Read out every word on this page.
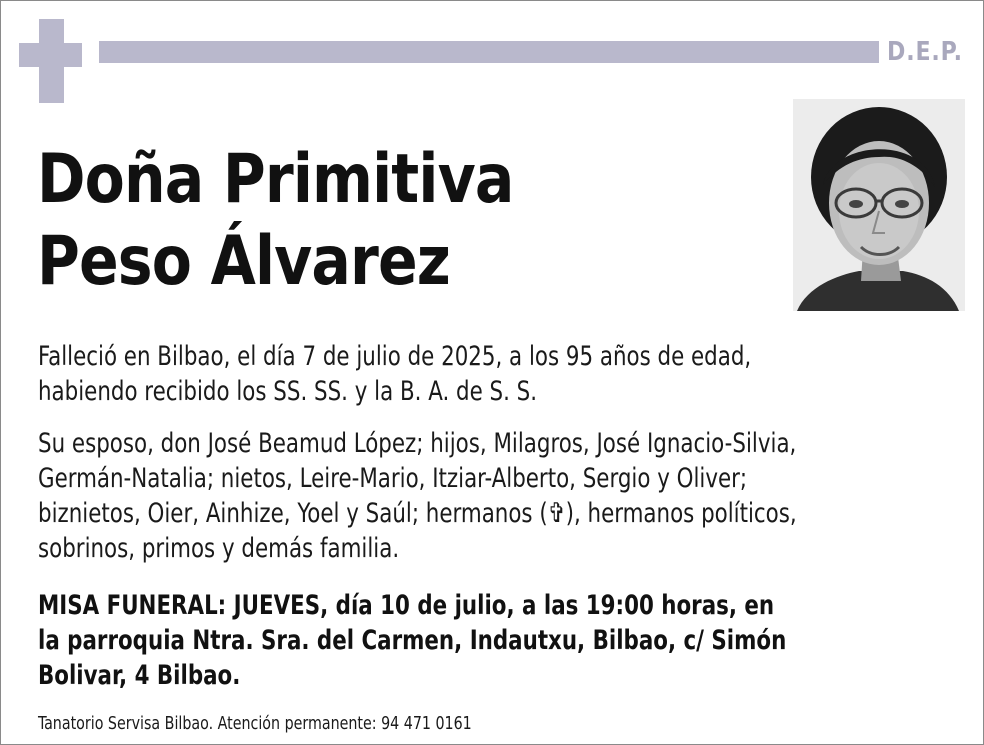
D.E.P.
Doña Primitiva
Peso Álvarez
Falleció en Bilbao, el día 7 de julio de 2025, a los 95 años de edad,
habiendo recibido los SS. SS. y la B. A. de S. S.
Su esposo, don José Beamud López; hijos, Milagros, José Ignacio-Silvia,
Germán-Natalia; nietos, Leire-Mario, Itziar-Alberto, Sergio y Oliver;
biznietos, Oier, Ainhize, Yoel y Saúl; hermanos (✞), hermanos políticos,
sobrinos, primos y demás familia.
MISA FUNERAL: JUEVES, día 10 de julio, a las 19:00 horas, en
la parroquia Ntra. Sra. del Carmen, Indautxu, Bilbao, c/ Simón
Bolivar, 4 Bilbao.
Tanatorio Servisa Bilbao. Atención permanente: 94 471 0161
